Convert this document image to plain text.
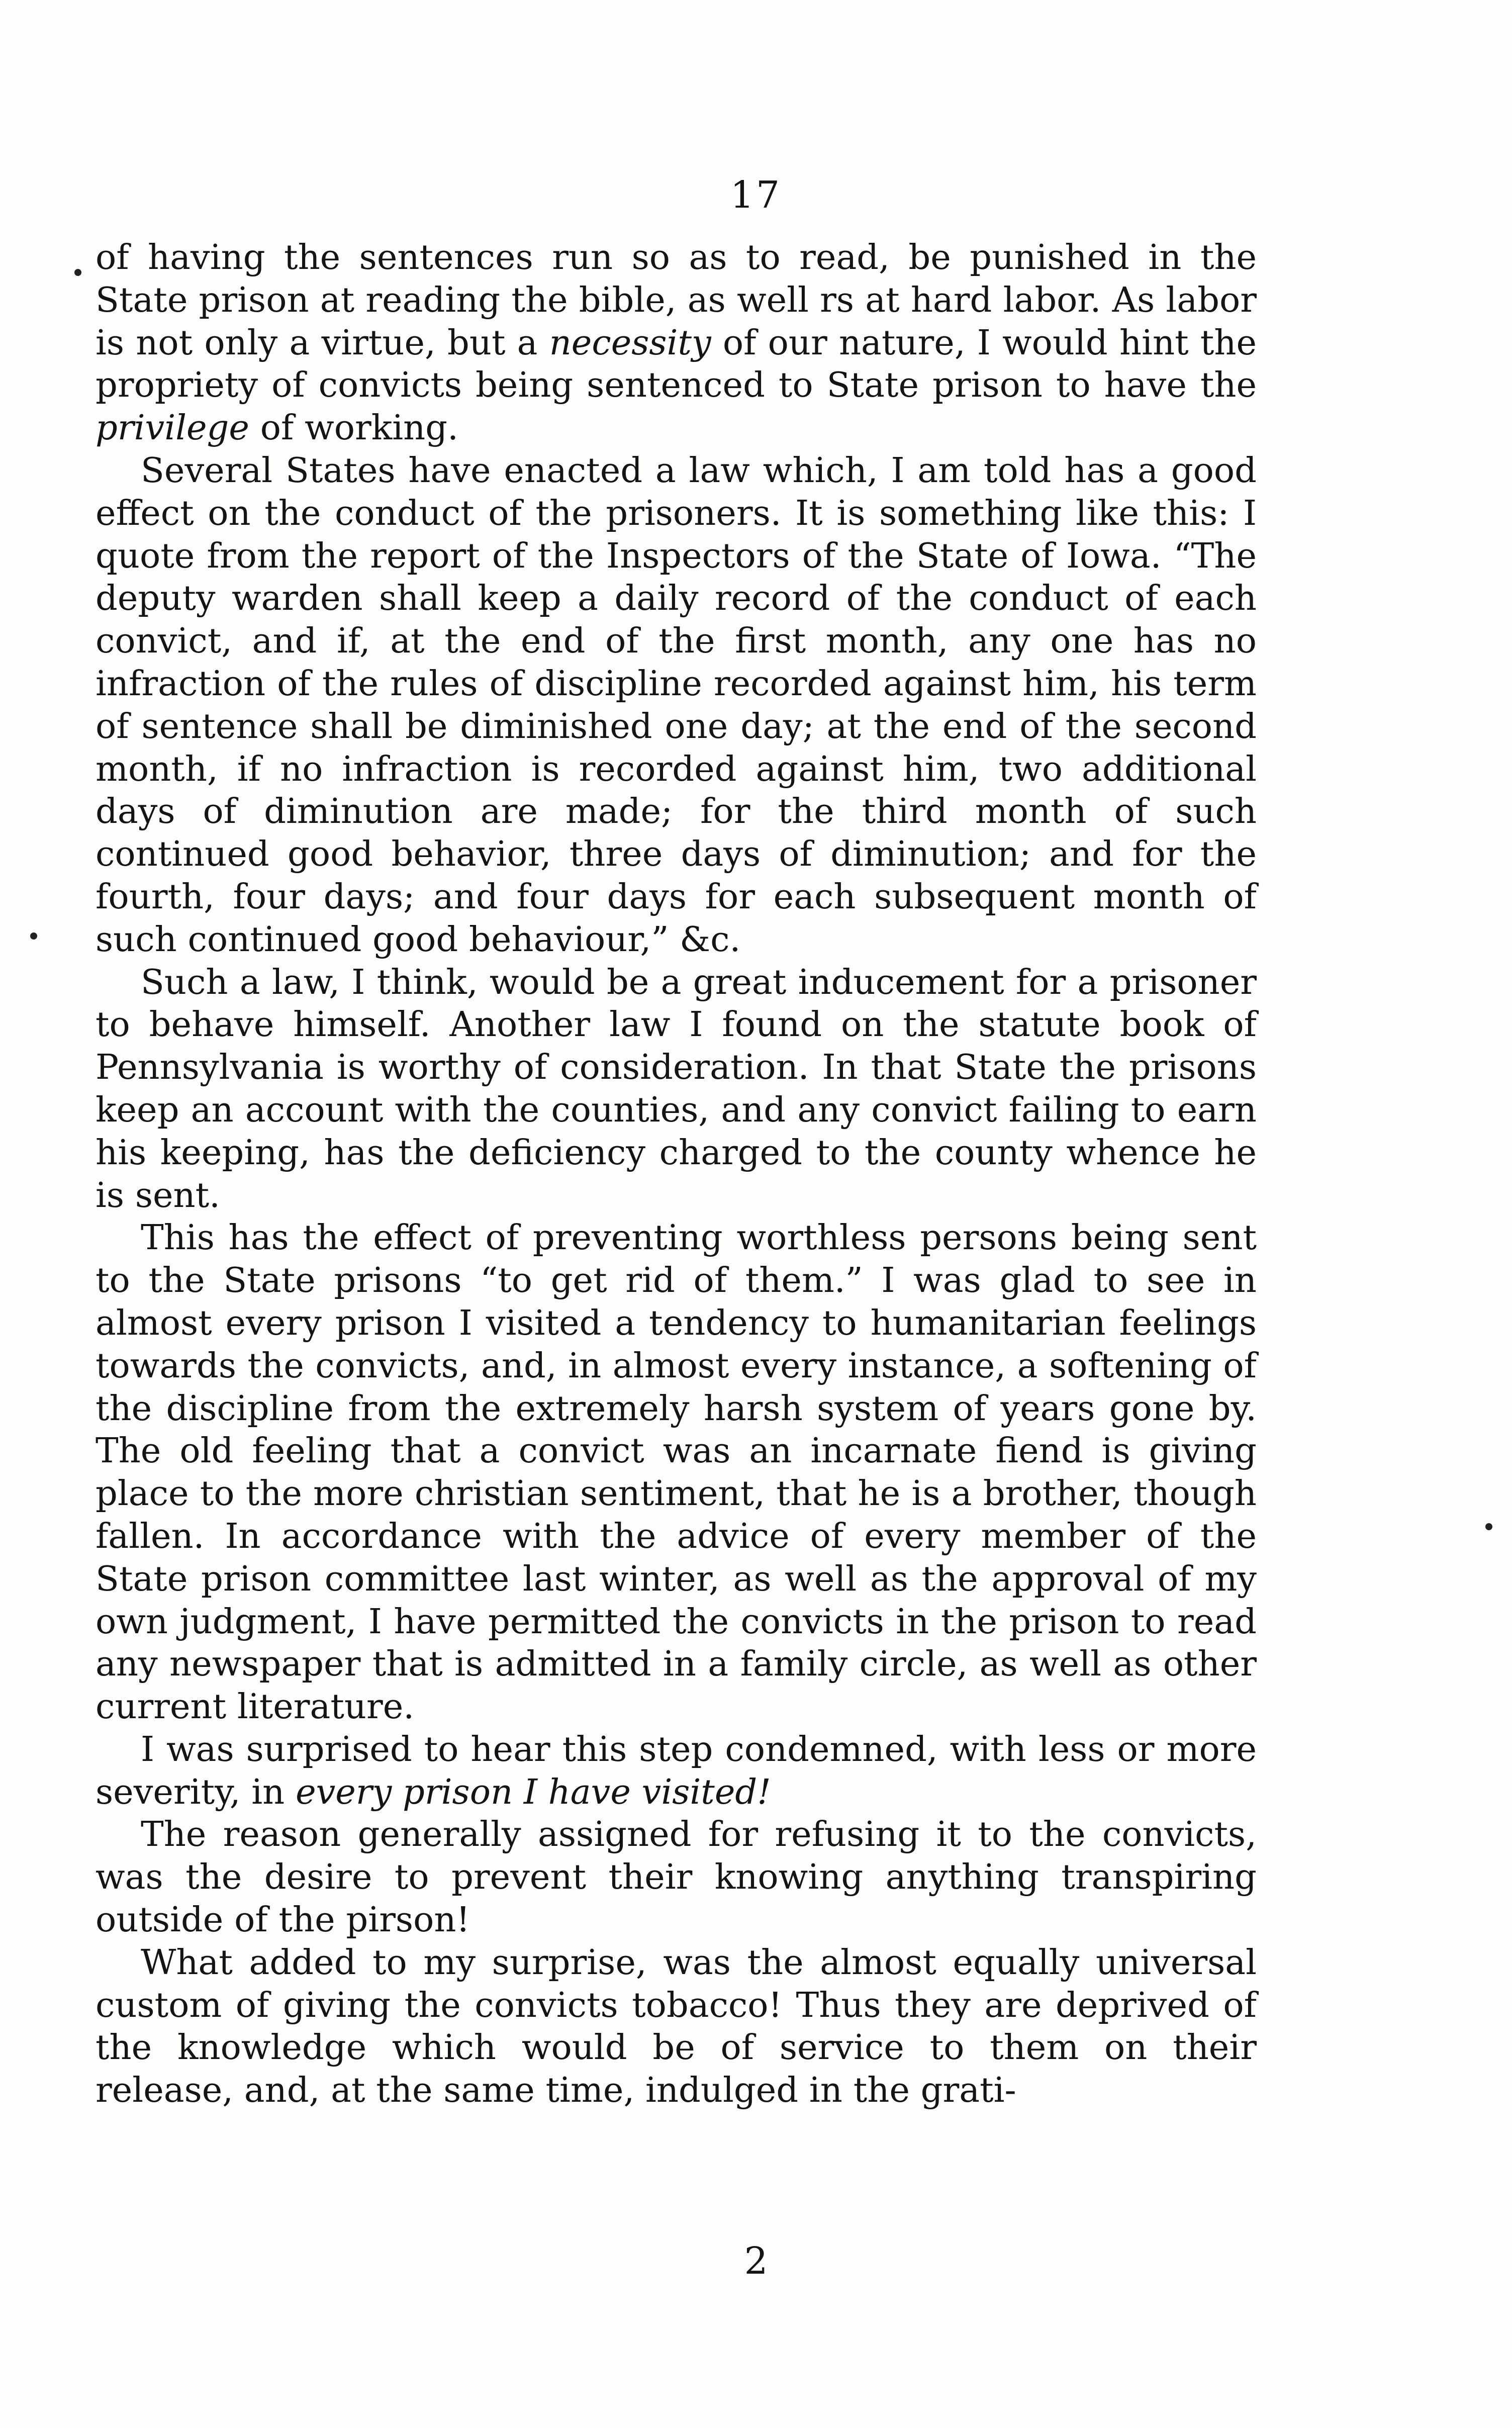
17

of having the sentences run so as to read, be punished in the State prison at reading the bible, as well rs at hard labor. As labor is not only a virtue, but a necessity of our nature, I would hint the propriety of convicts being sentenced to State prison to have the privilege of working.

Several States have enacted a law which, I am told has a good effect on the conduct of the prisoners. It is something like this: I quote from the report of the Inspectors of the State of Iowa. “The deputy warden shall keep a daily record of the conduct of each convict, and if, at the end of the first month, any one has no infraction of the rules of discipline recorded against him, his term of sentence shall be diminished one day; at the end of the second month, if no infraction is recorded against him, two additional days of diminution are made; for the third month of such continued good behavior, three days of diminution; and for the fourth, four days; and four days for each subsequent month of such continued good behaviour,” &c.

Such a law, I think, would be a great inducement for a prisoner to behave himself. Another law I found on the statute book of Pennsylvania is worthy of consideration. In that State the prisons keep an account with the counties, and any convict failing to earn his keeping, has the deficiency charged to the county whence he is sent.

This has the effect of preventing worthless persons being sent to the State prisons “to get rid of them.” I was glad to see in almost every prison I visited a tendency to humanitarian feelings towards the convicts, and, in almost every instance, a softening of the discipline from the extremely harsh system of years gone by. The old feeling that a convict was an incarnate fiend is giving place to the more christian sentiment, that he is a brother, though fallen. In accordance with the advice of every member of the State prison committee last winter, as well as the approval of my own judgment, I have permitted the convicts in the prison to read any newspaper that is admitted in a family circle, as well as other current literature.

I was surprised to hear this step condemned, with less or more severity, in every prison I have visited!

The reason generally assigned for refusing it to the convicts, was the desire to prevent their knowing anything transpiring outside of the pirson!

What added to my surprise, was the almost equally universal custom of giving the convicts tobacco! Thus they are deprived of the knowledge which would be of service to them on their release, and, at the same time, indulged in the grati-

2
